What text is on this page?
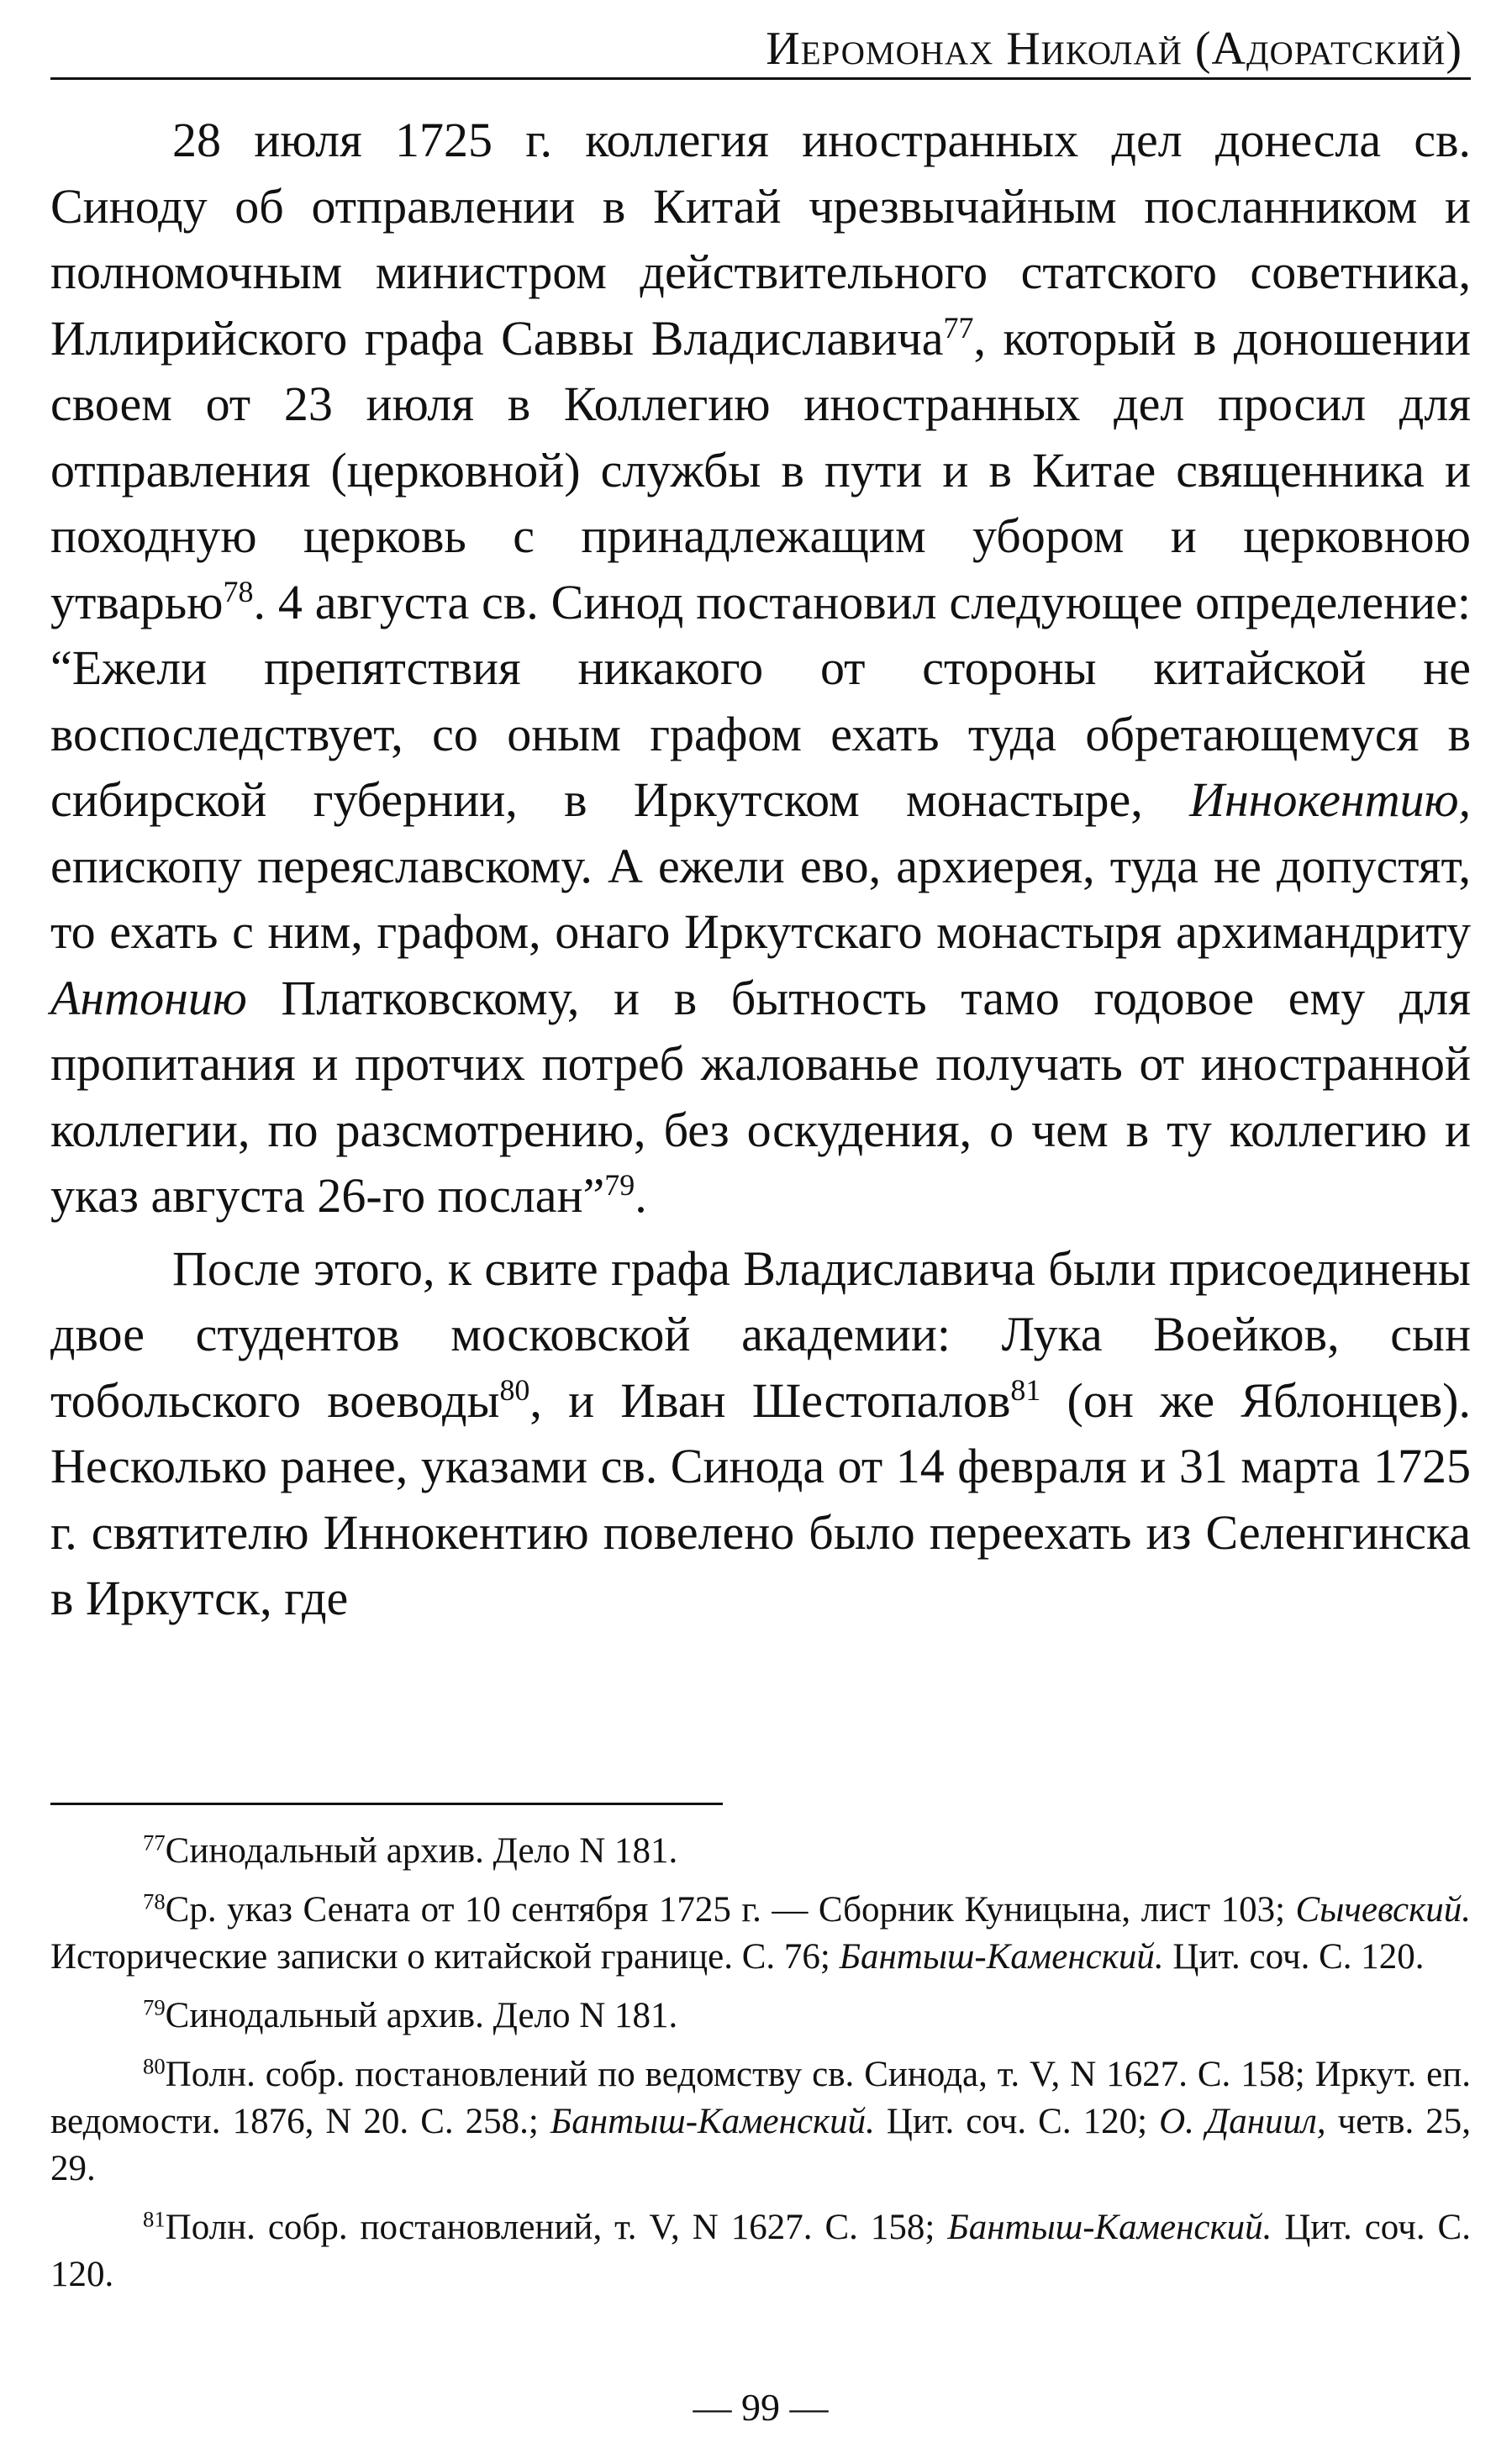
Иеромонах Николай (Адоратский)

28 июля 1725 г. коллегия иностранных дел донесла св. Синоду об отправлении в Китай чрезвычайным посланником и полномочным министром действительного статского советника, Иллирийского графа Саввы Владиславича$^{77}$, который в доношении своем от 23 июля в Коллегию иностранных дел просил для отправления (церковной) службы в пути и в Китае священника и походную церковь с принадлежащим убором и церковною утварью$^{78}$. 4 августа св. Синод постановил следующее определение: “Ежели препятствия никакого от стороны китайской не воспоследствует, со оным графом ехать туда обретающемуся в сибирской губернии, в Иркутском монастыре, Иннокентию, епископу переяславскому. А ежели ево, архиерея, туда не допустят, то ехать с ним, графом, онаго Иркутскаго монастыря архимандриту Антонию Платковскому, и в бытность тамо годовое ему для пропитания и протчих потреб жалованье получать от иностранной коллегии, по разсмотрению, без оскудения, о чем в ту коллегию и указ августа 26-го послан”$^{79}$.

После этого, к свите графа Владиславича были присоединены двое студентов московской академии: Лука Воейков, сын тобольского воеводы$^{80}$, и Иван Шестопалов$^{81}$ (он же Яблонцев). Несколько ранее, указами св. Синода от 14 февраля и 31 марта 1725 г. святителю Иннокентию повелено было переехать из Селенгинска в Иркутск, где

$^{77}$Синодальный архив. Дело N 181.

$^{78}$Ср. указ Сената от 10 сентября 1725 г. — Сборник Куницына, лист 103; Сычевский. Исторические записки о китайской границе. С. 76; Бантыш-Каменский. Цит. соч. С. 120.

$^{79}$Синодальный архив. Дело N 181.

$^{80}$Полн. собр. постановлений по ведомству св. Синода, т. V, N 1627. С. 158; Иркут. еп. ведомости. 1876, N 20. С. 258.; Бантыш-Каменский. Цит. соч. С. 120; О. Даниил, четв. 25, 29.

$^{81}$Полн. собр. постановлений, т. V, N 1627. С. 158; Бантыш-Каменский. Цит. соч. С. 120.

— 99 —
